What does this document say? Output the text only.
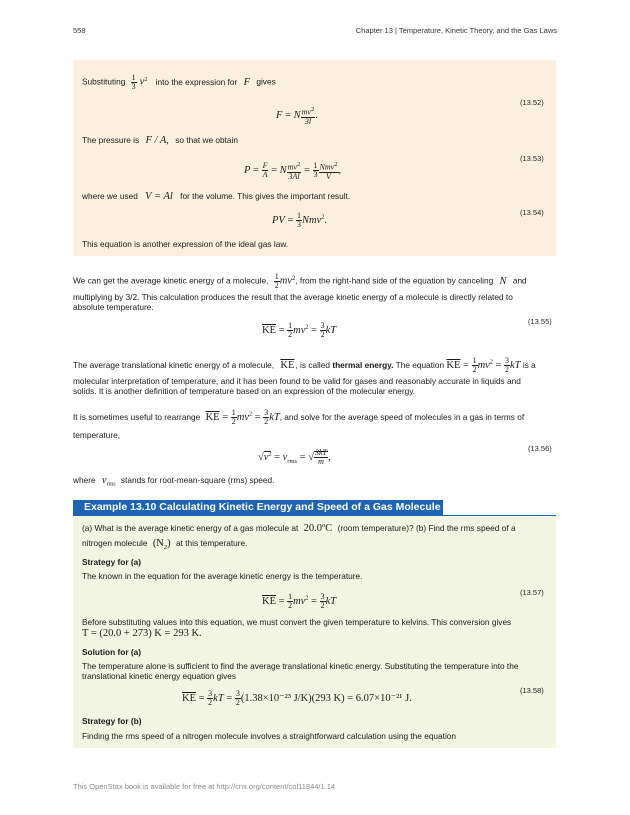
558	Chapter 13 | Temperature, Kinetic Theory, and the Gas Laws
Substituting $\frac{1}{3} v^2$ into the expression for F gives
(13.52)
F = N $\frac{mv^2}{3l}$ .
The pressure is F / A, so that we obtain
(13.53)
$P = \frac{F}{A} = N \frac{mv^2}{3Al} = \frac{1}{3} \frac{Nmv^2}{V}$ ,
where we used V = Al for the volume. This gives the important result.
(13.54)
PV = $\frac{1}{3} Nmv^2$.
This equation is another expression of the ideal gas law.
We can get the average kinetic energy of a molecule, $\frac{1}{2} mv^2$, from the right-hand side of the equation by canceling N and
multiplying by 3/2. This calculation produces the result that the average kinetic energy of a molecule is directly related to
absolute temperature.
(13.55)
$\overline{KE} = \frac{1}{2} mv^2 = \frac{3}{2}$ kT
The average translational kinetic energy of a molecule, $\overline{KE}$, is called thermal energy. The equation $\overline{KE} = \frac{1}{2} mv^2 = \frac{3}{2}$ kT is a
molecular interpretation of temperature, and it has been found to be valid for gases and reasonably accurate in liquids and
solids. It is another definition of temperature based on an expression of the molecular energy.
It is sometimes useful to rearrange $\overline{KE} = \frac{1}{2} mv^2 = \frac{3}{2}$ kT, and solve for the average speed of molecules in a gas in terms of
temperature,
(13.56)
$√v^2 = v_{rms}$ = √ $\frac{3kT}{m}$ ,
where $v_{rms}$ stands for root-mean-square (rms) speed.
Example 13.10 Calculating Kinetic Energy and Speed of a Gas Molecule
(a) What is the average kinetic energy of a gas molecule at 20.0ºC (room temperature)? (b) Find the rms speed of a
nitrogen molecule $(N_2)$ at this temperature.
Strategy for (a)
The known in the equation for the average kinetic energy is the temperature.
(13.57)
$\overline{KE} = \frac{1}{2} mv^2 = \frac{3}{2}$ kT
Before substituting values into this equation, we must convert the given temperature to kelvins. This conversion gives
T = (20.0 + 273) K = 293 K.
Solution for (a)
The temperature alone is sufficient to find the average translational kinetic energy. Substituting the temperature into the
translational kinetic energy equation gives
(13.58)
$\overline{KE} = \frac{3}{2}$ kT = $\frac{3}{2} (1.38\times 10^{-23}$ J/K)(293 K) = 6.07×10⁻²¹ J.
Strategy for (b)
Finding the rms speed of a nitrogen molecule involves a straightforward calculation using the equation
This OpenStax book is available for free at http://cnx.org/content/col11844/1.14
